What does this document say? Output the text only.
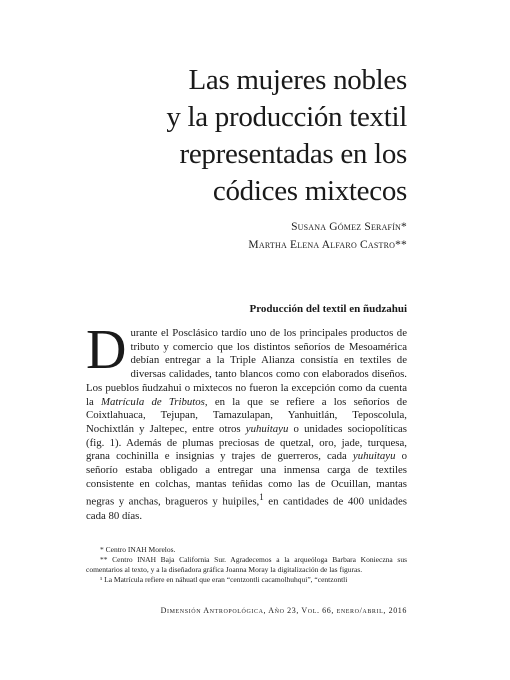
Las mujeres nobles
y la producción textil
representadas en los
códices mixtecos
Susana Gómez Serafín*
Martha Elena Alfaro Castro**
Producción del textil en ñudzahui
Durante el Posclásico tardío uno de los principales productos de tributo y comercio que los distintos señoríos de Mesoamérica debían entregar a la Triple Alianza consistía en textiles de diversas calidades, tanto blancos como con elaborados diseños. Los pueblos ñudzahui o mixtecos no fueron la excepción como da cuenta la Matrícula de Tributos, en la que se refiere a los señoríos de Coixtlahuaca, Tejupan, Tamazulapan, Yanhuitlán, Teposcolula, Nochixtlán y Jaltepec, entre otros yuhuitayu o unidades sociopolíticas (fig. 1). Además de plumas preciosas de quetzal, oro, jade, turquesa, grana cochinilla e insignias y trajes de guerreros, cada yuhuitayu o señorío estaba obligado a entregar una inmensa carga de textiles consistente en colchas, mantas teñidas como las de Ocuillan, mantas negras y anchas, bragueros y huipiles,$^1$ en cantidades de 400 unidades cada 80 días.

* Centro INAH Morelos.

** Centro INAH Baja California Sur. Agradecemos a la arqueóloga Barbara Konieczna sus comentarios al texto, y a la diseñadora gráfica Joanna Moray la digitalización de las figuras.

¹ La Matrícula refiere en náhuatl que eran “centzontli cacamolhuhqui”, “centzontli

Dimensión Antropológica, Año 23, Vol. 66, enero/abril, 2016
